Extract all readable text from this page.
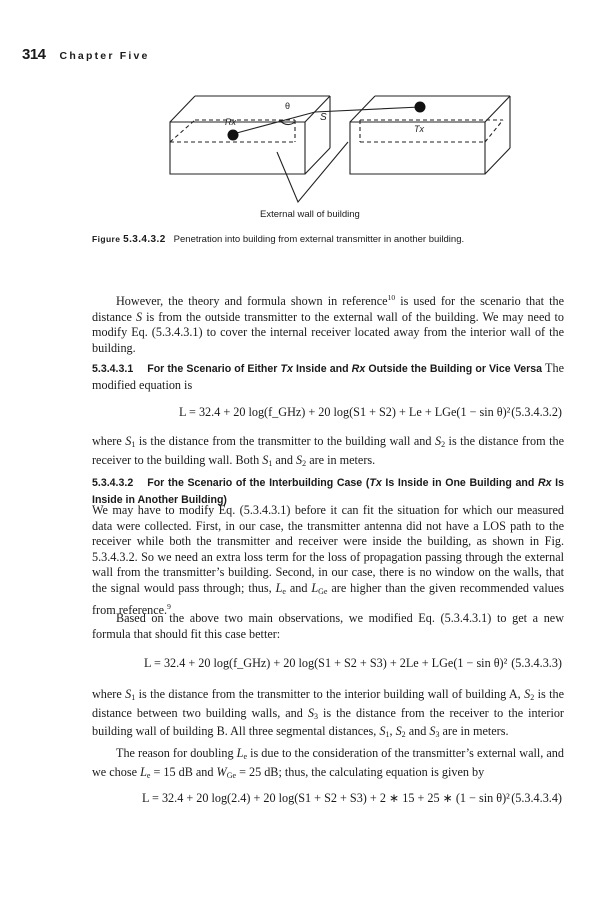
314 Chapter Five
θ
S
Rx
Tx
External wall of building
Figure 5.3.4.3.2 Penetration into building from external transmitter in another building.

However, the theory and formula shown in reference$^{10}$ is used for the scenario that the distance S is from the outside transmitter to the external wall of the building. We may need to modify Eq. (5.3.4.3.1) to cover the internal receiver located away from the interior wall of the building.

5.3.4.3.1 For the Scenario of Either Tx Inside and Rx Outside the Building or Vice Versa The modified equation is

L = 32.4 + 20 log(f_GHz) + 20 log(S1 + S2) + Le + LGe(1 − sin θ)² (5.3.4.3.2)

where $S_1$ is the distance from the transmitter to the building wall and $S_2$ is the distance from the receiver to the building wall. Both $S_1$ and $S_2$ are in meters.

5.3.4.3.2 For the Scenario of the Interbuilding Case (Tx Is Inside in One Building and Rx Is Inside in Another Building)

We may have to modify Eq. (5.3.4.3.1) before it can fit the situation for which our measured data were collected. First, in our case, the transmitter antenna did not have a LOS path to the receiver while both the transmitter and receiver were inside the building, as shown in Fig. 5.3.4.3.2. So we need an extra loss term for the loss of propagation passing through the external wall from the transmitter’s building. Second, in our case, there is no window on the walls, that the signal would pass through; thus, $L_e$ and $L_{Ge}$ are higher than the given recommended values from reference.$^9$

Based on the above two main observations, we modified Eq. (5.3.4.3.1) to get a new formula that should fit this case better:

L = 32.4 + 20 log(f_GHz) + 20 log(S1 + S2 + S3) + 2Le + LGe(1 − sin θ)² (5.3.4.3.3)

where $S_1$ is the distance from the transmitter to the interior building wall of building A, $S_2$ is the distance between two building walls, and $S_3$ is the distance from the receiver to the interior building wall of building B. All three segmental distances, $S_1$, $S_2$ and $S_3$ are in meters.

The reason for doubling $L_e$ is due to the consideration of the transmitter’s external wall, and we chose $L_e = 15$ dB and $W_{Ge} = 25$ dB; thus, the calculating equation is given by

L = 32.4 + 20 log(2.4) + 20 log(S1 + S2 + S3) + 2 ∗ 15 + 25 ∗ (1 − sin θ)² (5.3.4.3.4)
